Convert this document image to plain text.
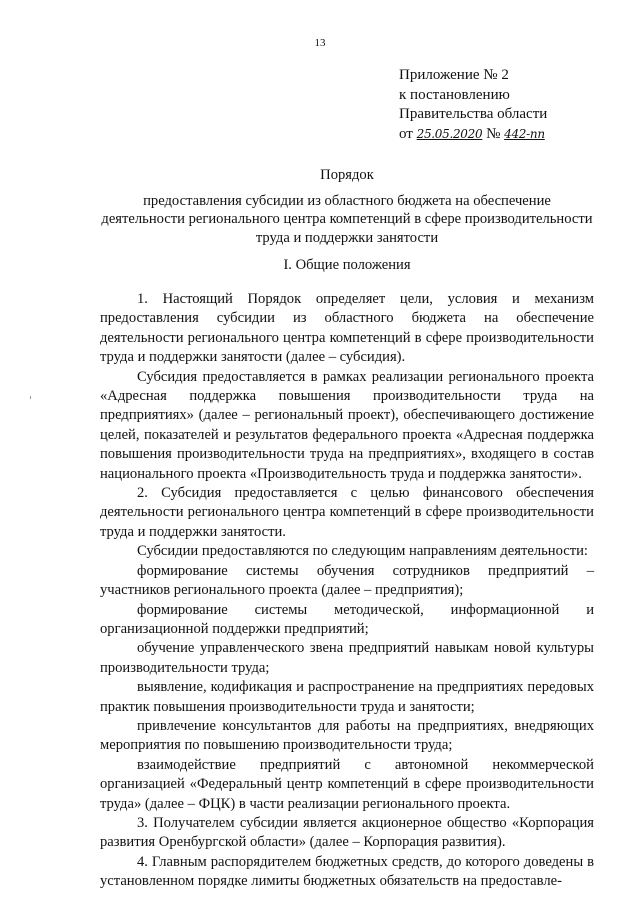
13
Приложение № 2
к постановлению
Правительства области
от 25.05.2020 № 442-пп
Порядок
предоставления субсидии из областного бюджета на обеспечение деятельности регионального центра компетенций в сфере производительности труда и поддержки занятости
I. Общие положения

1. Настоящий Порядок определяет цели, условия и механизм предоставления субсидии из областного бюджета на обеспечение деятельности регионального центра компетенций в сфере производительности труда и поддержки занятости (далее – субсидия).

Субсидия предоставляется в рамках реализации регионального проекта «Адресная поддержка повышения производительности труда на предприятиях» (далее – региональный проект), обеспечивающего достижение целей, показателей и результатов федерального проекта «Адресная поддержка повышения производительности труда на предприятиях», входящего в состав национального проекта «Производительность труда и поддержка занятости».

2. Субсидия предоставляется с целью финансового обеспечения деятельности регионального центра компетенций в сфере производительности труда и поддержки занятости.

Субсидии предоставляются по следующим направлениям деятельности:

формирование системы обучения сотрудников предприятий – участников регионального проекта (далее – предприятия);

формирование системы методической, информационной и организационной поддержки предприятий;

обучение управленческого звена предприятий навыкам новой культуры производительности труда;

выявление, кодификация и распространение на предприятиях передовых практик повышения производительности труда и занятости;

привлечение консультантов для работы на предприятиях, внедряющих мероприятия по повышению производительности труда;

взаимодействие предприятий с автономной некоммерческой организацией «Федеральный центр компетенций в сфере производительности труда» (далее – ФЦК) в части реализации регионального проекта.

3. Получателем субсидии является акционерное общество «Корпорация развития Оренбургской области» (далее – Корпорация развития).

4. Главным распорядителем бюджетных средств, до которого доведены в установленном порядке лимиты бюджетных обязательств на предоставле-
